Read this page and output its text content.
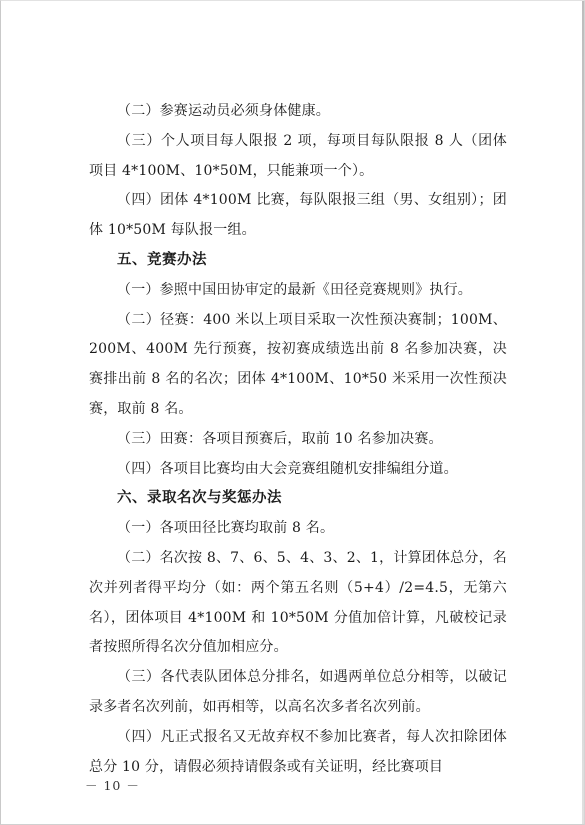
（二）参赛运动员必须身体健康。

（三）个人项目每人限报 2 项，每项目每队限报 8 人（团体项目 4*100M、10*50M，只能兼项一个）。

（四）团体 4*100M 比赛，每队限报三组（男、女组别）；团体 10*50M 每队报一组。

五、竞赛办法

（一）参照中国田协审定的最新《田径竞赛规则》执行。

（二）径赛：400 米以上项目采取一次性预决赛制；100M、200M、400M 先行预赛，按初赛成绩选出前 8 名参加决赛，决赛排出前 8 名的名次；团体 4*100M、10*50 米采用一次性预决赛，取前 8 名。

（三）田赛：各项目预赛后，取前 10 名参加决赛。

（四）各项目比赛均由大会竞赛组随机安排编组分道。

六、录取名次与奖惩办法

（一）各项田径比赛均取前 8 名。

（二）名次按 8、7、6、5、4、3、2、1，计算团体总分，名次并列者得平均分（如：两个第五名则（5+4）/2=4.5，无第六名），团体项目 4*100M 和 10*50M 分值加倍计算，凡破校记录者按照所得名次分值加相应分。

（三）各代表队团体总分排名，如遇两单位总分相等，以破记录多者名次列前，如再相等，以高名次多者名次列前。

（四）凡正式报名又无故弃权不参加比赛者，每人次扣除团体总分 10 分，请假必须持请假条或有关证明，经比赛项目

－ 10 －
